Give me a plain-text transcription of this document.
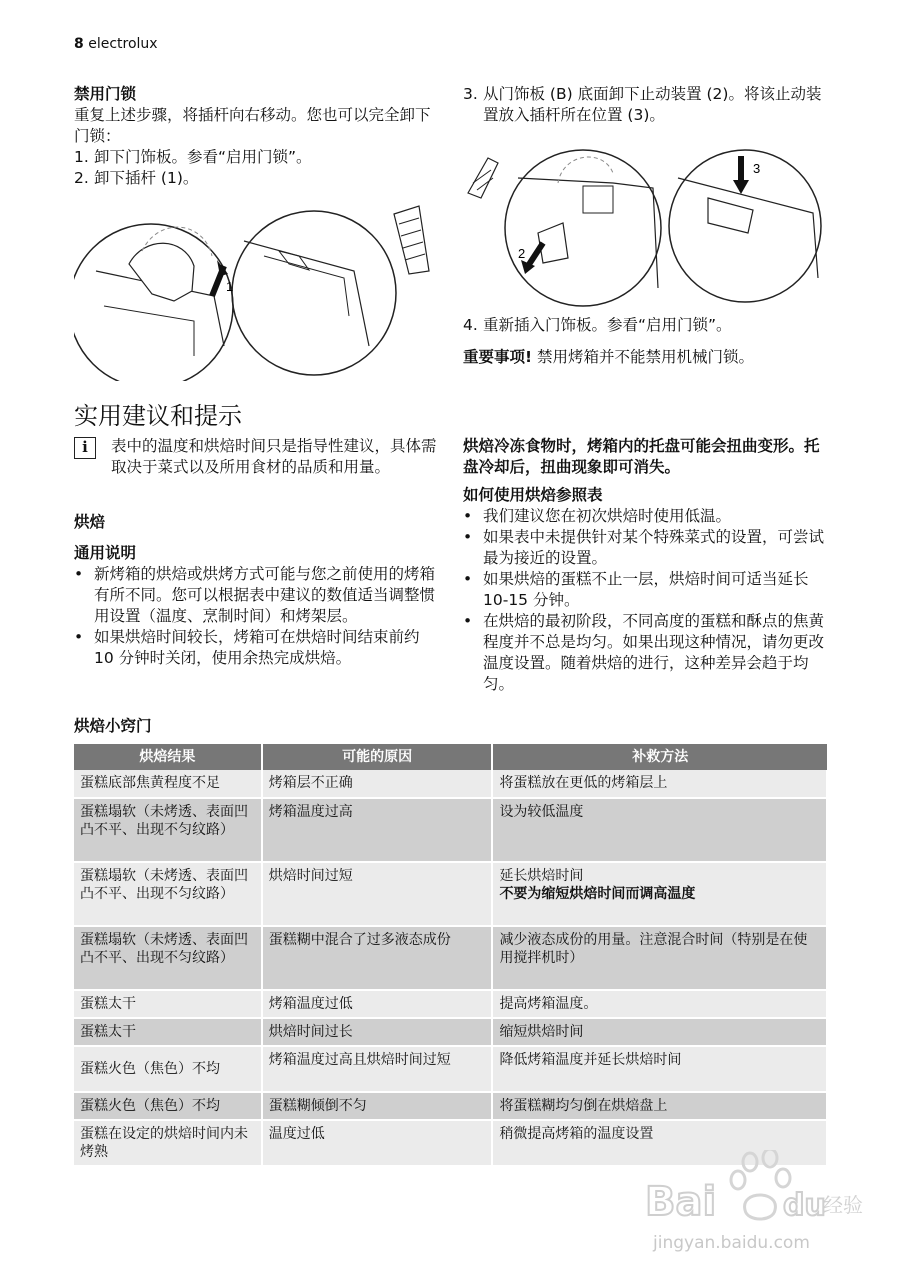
8 electrolux
禁用门锁

重复上述步骤，将插杆向右移动。您也可以完全卸下门锁：

1. 卸下门饰板。参看“启用门锁”。
2. 卸下插杆 (1)。
1
3. 从门饰板 (B) 底面卸下止动装置 (2)。将该止动装置放入插杆所在位置 (3)。
2
3
4. 重新插入门饰板。参看“启用门锁”。

重要事项! 禁用烤箱并不能禁用机械门锁。

实用建议和提示
i	表中的温度和烘焙时间只是指导性建议，具体需取决于菜式以及所用食材的品质和用量。
烘焙
通用说明
• 新烤箱的烘焙或烘烤方式可能与您之前使用的烤箱有所不同。您可以根据表中建议的数值适当调整惯用设置（温度、烹制时间）和烤架层。
• 如果烘焙时间较长，烤箱可在烘焙时间结束前约 10 分钟时关闭，使用余热完成烘焙。

烘焙冷冻食物时，烤箱内的托盘可能会扭曲变形。托盘冷却后，扭曲现象即可消失。

如何使用烘焙参照表
• 我们建议您在初次烘焙时使用低温。
• 如果表中未提供针对某个特殊菜式的设置，可尝试最为接近的设置。
• 如果烘焙的蛋糕不止一层，烘焙时间可适当延长 10-15 分钟。
• 在烘焙的最初阶段，不同高度的蛋糕和酥点的焦黄程度并不总是均匀。如果出现这种情况，请勿更改温度设置。随着烘焙的进行，这种差异会趋于均匀。
烘焙小窍门
烘焙结果	可能的原因	补救方法
蛋糕底部焦黄程度不足	烤箱层不正确	将蛋糕放在更低的烤箱层上

蛋糕塌软（未烤透、表面凹凸不平、出现不匀纹路）	烤箱温度过高	设为较低温度

蛋糕塌软（未烤透、表面凹凸不平、出现不匀纹路）	烘焙时间过短	延长烘焙时间
不要为缩短烘焙时间而调高温度

蛋糕塌软（未烤透、表面凹凸不平、出现不匀纹路）	蛋糕糊中混合了过多液态成份	减少液态成份的用量。注意混合时间（特别是在使用搅拌机时）

蛋糕太干	烤箱温度过低	提高烤箱温度。

蛋糕太干	烘焙时间过长	缩短烘焙时间

蛋糕火色（焦色）不均	烤箱温度过高且烘焙时间过短	降低烤箱温度并延长烘焙时间

蛋糕火色（焦色）不均	蛋糕糊倾倒不匀	将蛋糕糊均匀倒在烘焙盘上

蛋糕在设定的烘焙时间内未烤熟	温度过低	稍微提高烤箱的温度设置
Bai du
经验
jingyan.baidu.com
